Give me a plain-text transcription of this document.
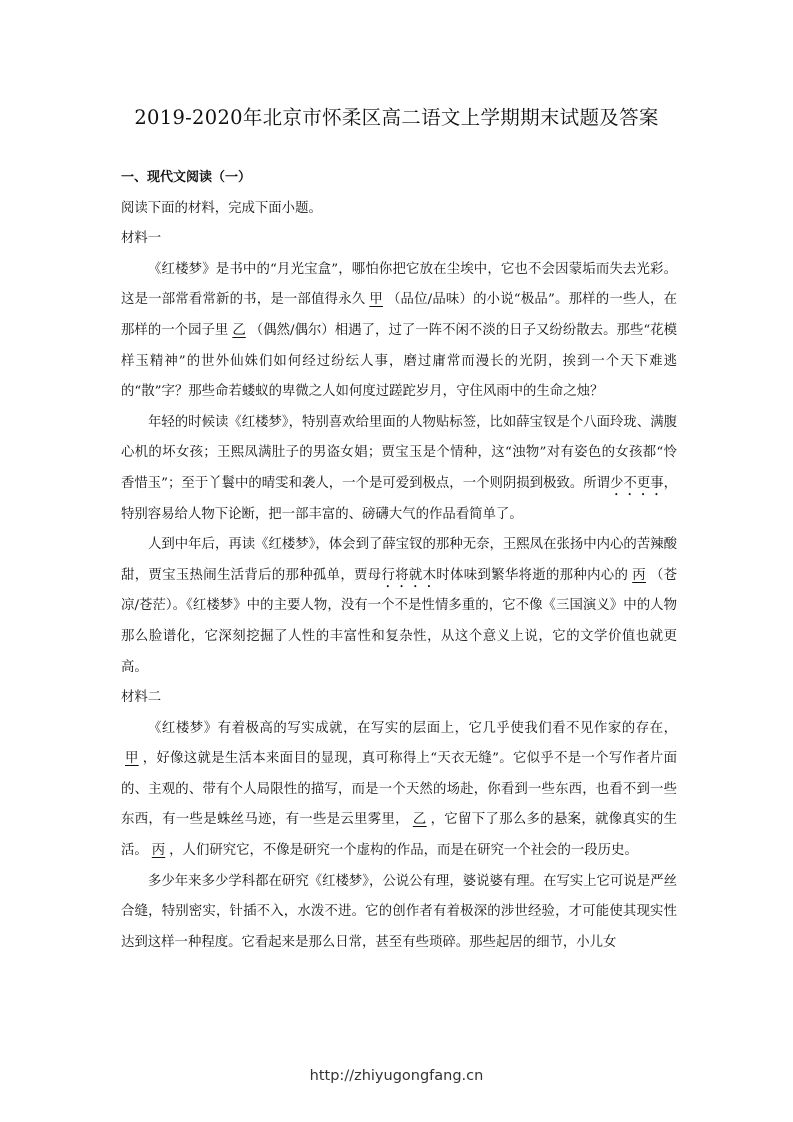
2019-2020年北京市怀柔区高二语文上学期期末试题及答案

一、现代文阅读（一）

阅读下面的材料，完成下面小题。

材料一

《红楼梦》是书中的“月光宝盒”，哪怕你把它放在尘埃中，它也不会因蒙垢而失去光彩。这是一部常看常新的书，是一部值得永久 甲 （品位/品味）的小说“极品”。那样的一些人，在那样的一个园子里 乙 （偶然/偶尔）相遇了，过了一阵不闲不淡的日子又纷纷散去。那些“花模样玉精神”的世外仙姝们如何经过纷纭人事，磨过庸常而漫长的光阴，挨到一个天下难逃的“散”字？那些命若蝼蚁的卑微之人如何度过蹉跎岁月，守住风雨中的生命之烛？

年轻的时候读《红楼梦》，特别喜欢给里面的人物贴标签，比如薛宝钗是个八面玲珑、满腹心机的坏女孩；王熙凤满肚子的男盗女娼；贾宝玉是个情种，这“浊物”对有姿色的女孩都“怜香惜玉”；至于丫鬟中的晴雯和袭人，一个是可爱到极点，一个则阴损到极致。所谓少不更事，特别容易给人物下论断，把一部丰富的、磅礴大气的作品看简单了。

人到中年后，再读《红楼梦》，体会到了薛宝钗的那种无奈，王熙凤在张扬中内心的苦辣酸甜，贾宝玉热闹生活背后的那种孤单，贾母行将就木时体味到繁华将逝的那种内心的 丙 （苍凉/苍茫）。《红楼梦》中的主要人物，没有一个不是性情多重的，它不像《三国演义》中的人物那么脸谱化，它深刻挖掘了人性的丰富性和复杂性，从这个意义上说，它的文学价值也就更高。

材料二

《红楼梦》有着极高的写实成就，在写实的层面上，它几乎使我们看不见作家的存在，甲 ，好像这就是生活本来面目的显现，真可称得上“天衣无缝”。它似乎不是一个写作者片面的、主观的、带有个人局限性的描写，而是一个天然的场赴，你看到一些东西，也看不到一些东西，有一些是蛛丝马迹，有一些是云里雾里， 乙 ，它留下了那么多的悬案，就像真实的生活。 丙 ，人们研究它，不像是研究一个虚构的作品，而是在研究一个社会的一段历史。

多少年来多少学科都在研究《红楼梦》，公说公有理，婆说婆有理。在写实上它可说是严丝合缝，特别密实，针插不入，水泼不进。它的创作者有着极深的涉世经验，才可能使其现实性达到这样一种程度。它看起来是那么日常，甚至有些琐碎。那些起居的细节，小儿女

http://zhiyugongfang.cn
